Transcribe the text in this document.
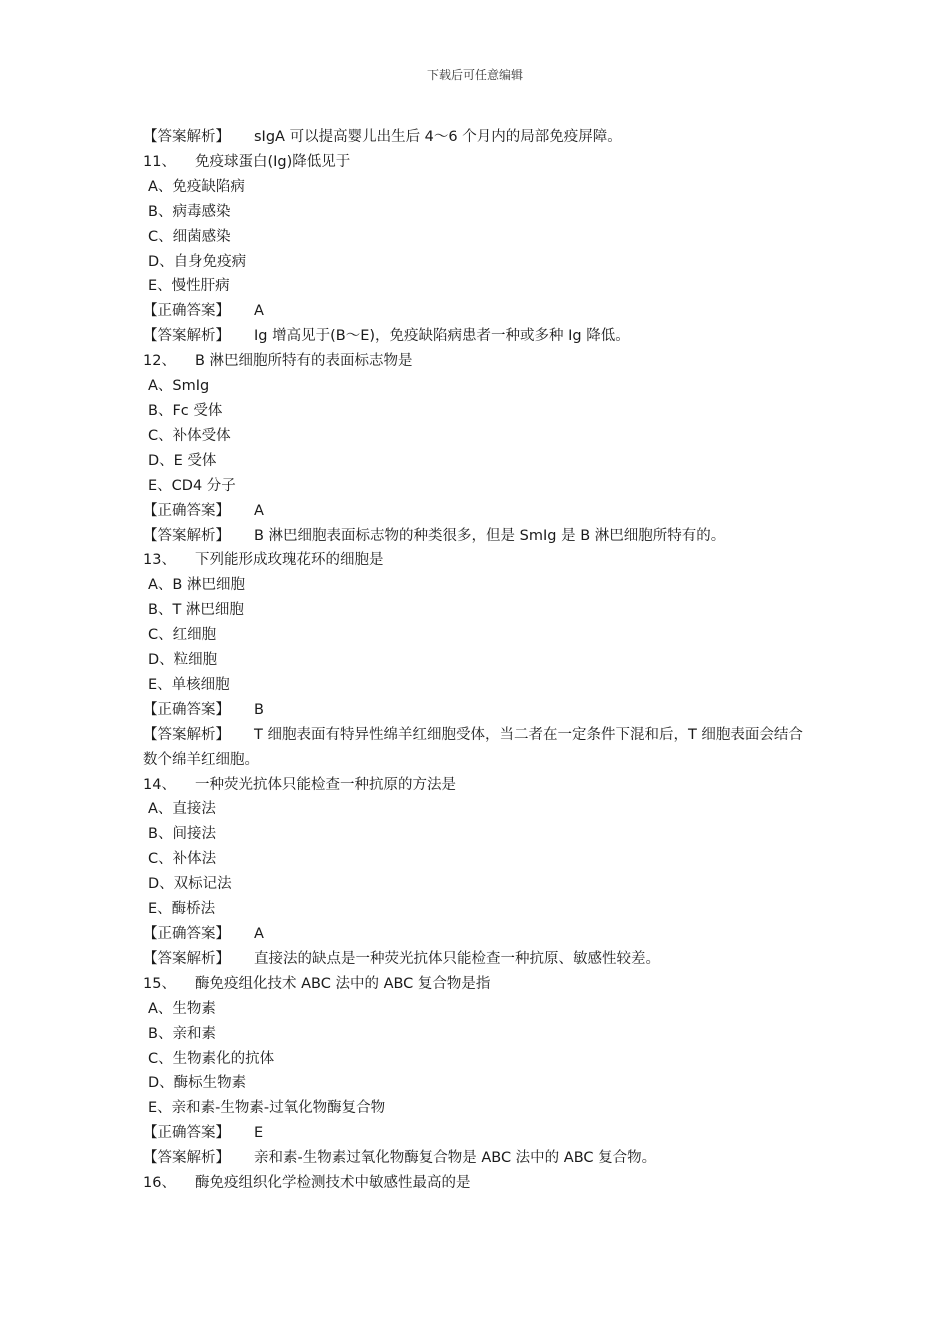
下载后可任意编辑
【答案解析】 sIgA 可以提高婴儿出生后 4～6 个月内的局部免疫屏障。
11、 免疫球蛋白(Ig)降低见于
A、免疫缺陷病
B、病毒感染
C、细菌感染
D、自身免疫病
E、慢性肝病
【正确答案】 A
【答案解析】 Ig 增高见于(B～E)，免疫缺陷病患者一种或多种 Ig 降低。
12、 B 淋巴细胞所特有的表面标志物是
A、SmIg
B、Fc 受体
C、补体受体
D、E 受体
E、CD4 分子
【正确答案】 A
【答案解析】 B 淋巴细胞表面标志物的种类很多，但是 SmIg 是 B 淋巴细胞所特有的。
13、 下列能形成玫瑰花环的细胞是
A、B 淋巴细胞
B、T 淋巴细胞
C、红细胞
D、粒细胞
E、单核细胞
【正确答案】 B
【答案解析】 T 细胞表面有特异性绵羊红细胞受体，当二者在一定条件下混和后，T 细胞表面会结合数个绵羊红细胞。
14、 一种荧光抗体只能检查一种抗原的方法是
A、直接法
B、间接法
C、补体法
D、双标记法
E、酶桥法
【正确答案】 A
【答案解析】 直接法的缺点是一种荧光抗体只能检查一种抗原、敏感性较差。
15、 酶免疫组化技术 ABC 法中的 ABC 复合物是指
A、生物素
B、亲和素
C、生物素化的抗体
D、酶标生物素
E、亲和素-生物素-过氧化物酶复合物
【正确答案】 E
【答案解析】 亲和素-生物素过氧化物酶复合物是 ABC 法中的 ABC 复合物。
16、 酶免疫组织化学检测技术中敏感性最高的是
